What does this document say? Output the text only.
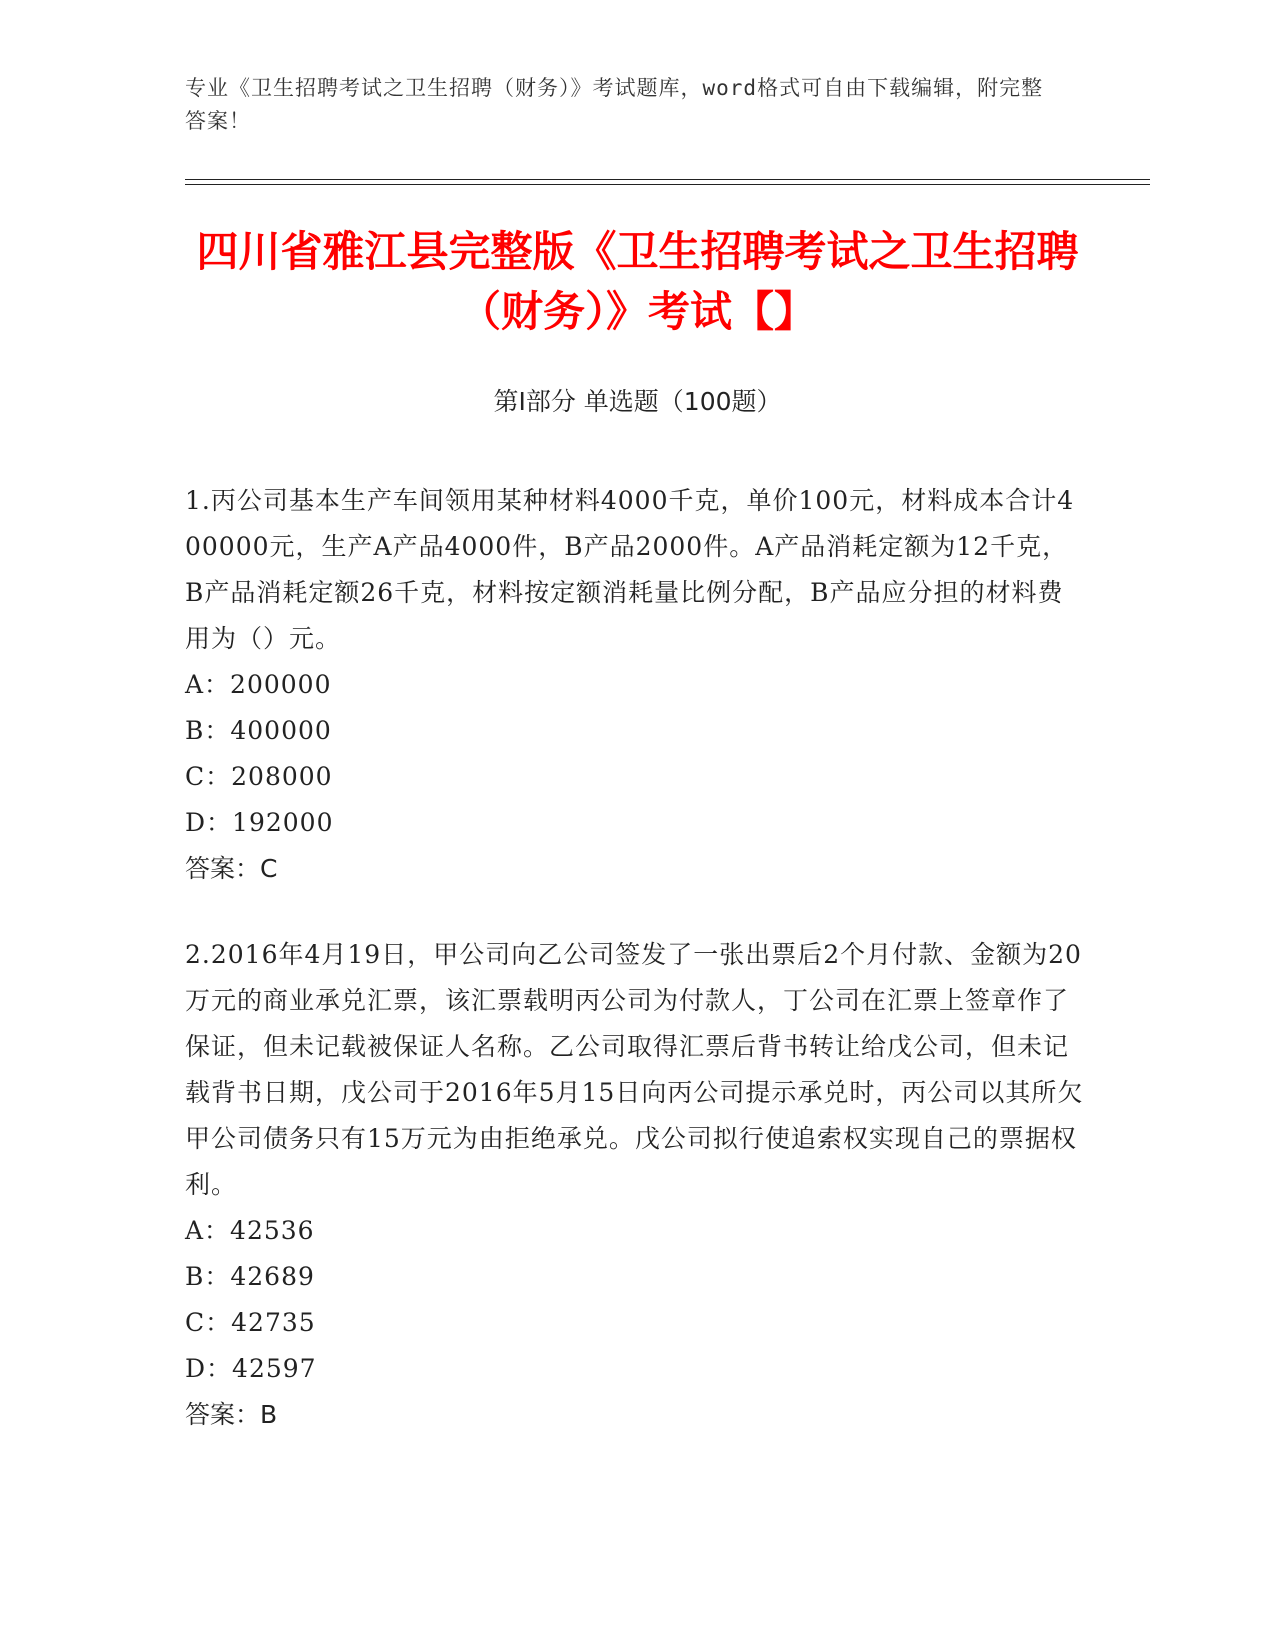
专业《卫生招聘考试之卫生招聘（财务）》考试题库，word格式可自由下载编辑，附完整答案！
四川省雅江县完整版《卫生招聘考试之卫生招聘（财务）》考试【】
第Ⅰ部分 单选题（100题）

1.丙公司基本生产车间领用某种材料4000千克，单价100元，材料成本合计400000元，生产A产品4000件，B产品2000件。A产品消耗定额为12千克，B产品消耗定额26千克，材料按定额消耗量比例分配，B产品应分担的材料费用为（）元。

A：200000

B：400000

C：208000

D：192000

答案：C

2.2016年4月19日，甲公司向乙公司签发了一张出票后2个月付款、金额为20万元的商业承兑汇票，该汇票载明丙公司为付款人，丁公司在汇票上签章作了保证，但未记载被保证人名称。乙公司取得汇票后背书转让给戊公司，但未记载背书日期，戊公司于2016年5月15日向丙公司提示承兑时，丙公司以其所欠甲公司债务只有15万元为由拒绝承兑。戊公司拟行使追索权实现自己的票据权利。

A：42536

B：42689

C：42735

D：42597

答案：B
